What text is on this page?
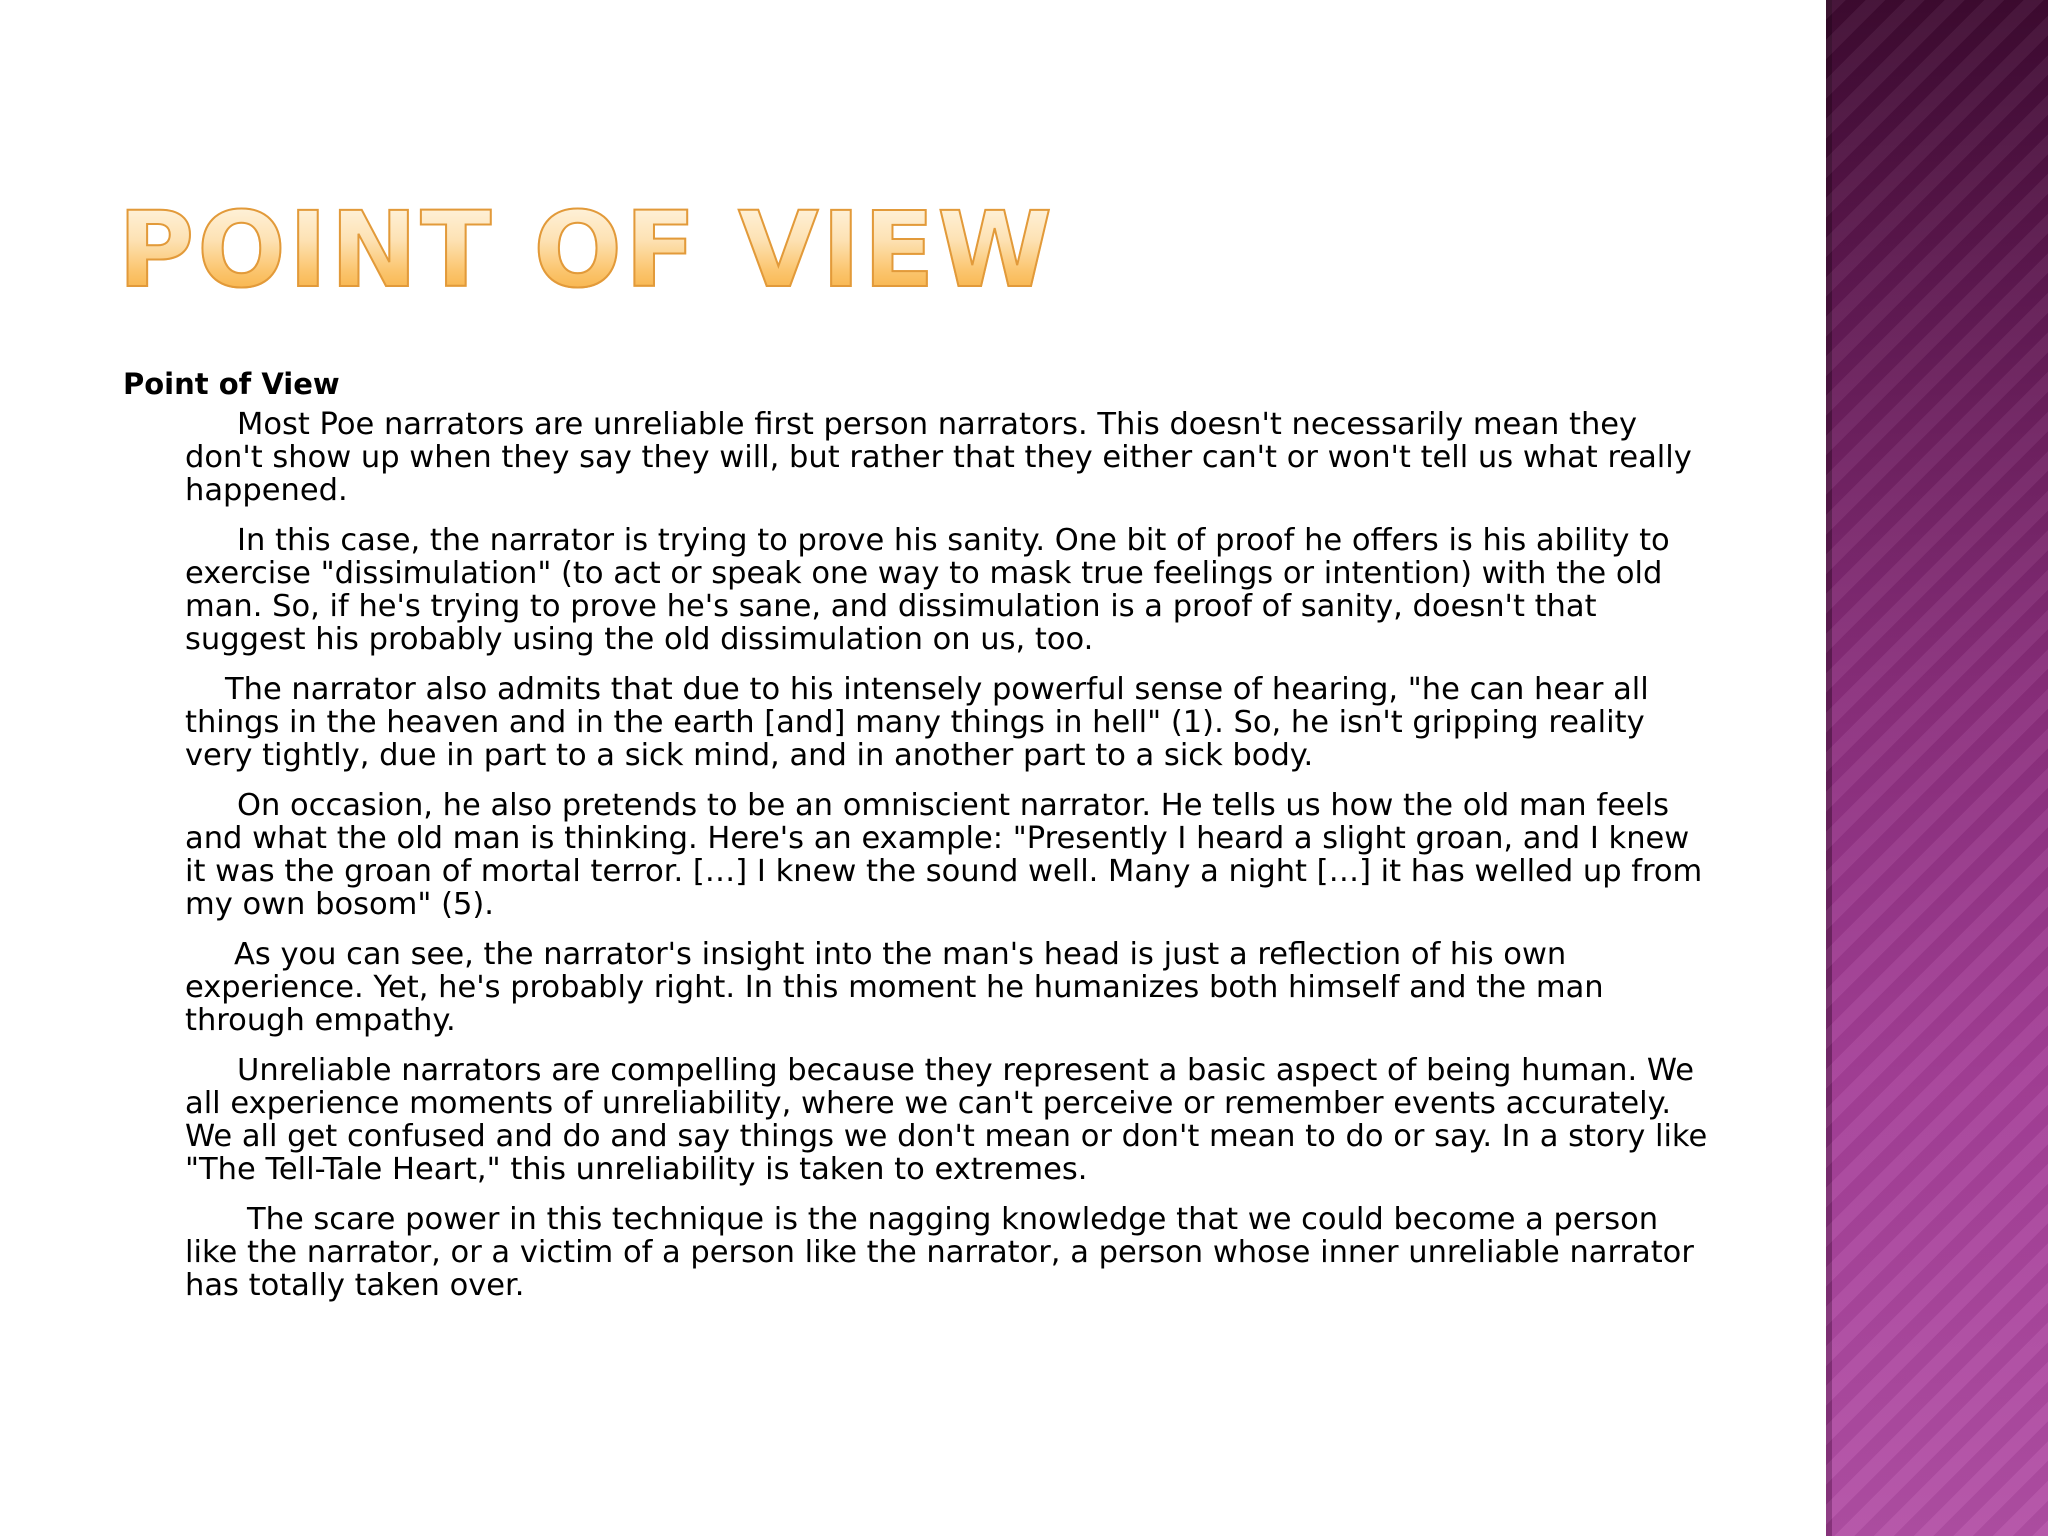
POINT OF VIEW
Point of View

Most Poe narrators are unreliable first person narrators. This doesn't necessarily mean they don't show up when they say they will, but rather that they either can't or won't tell us what really happened.

In this case, the narrator is trying to prove his sanity. One bit of proof he offers is his ability to exercise "dissimulation" (to act or speak one way to mask true feelings or intention) with the old man. So, if he's trying to prove he's sane, and dissimulation is a proof of sanity, doesn't that suggest his probably using the old dissimulation on us, too.

The narrator also admits that due to his intensely powerful sense of hearing, "he can hear all things in the heaven and in the earth [and] many things in hell" (1). So, he isn't gripping reality very tightly, due in part to a sick mind, and in another part to a sick body.

On occasion, he also pretends to be an omniscient narrator. He tells us how the old man feels and what the old man is thinking. Here's an example: "Presently I heard a slight groan, and I knew it was the groan of mortal terror. […] I knew the sound well. Many a night […] it has welled up from my own bosom" (5).

As you can see, the narrator's insight into the man's head is just a reflection of his own experience. Yet, he's probably right. In this moment he humanizes both himself and the man through empathy.

Unreliable narrators are compelling because they represent a basic aspect of being human. We all experience moments of unreliability, where we can't perceive or remember events accurately. We all get confused and do and say things we don't mean or don't mean to do or say. In a story like "The Tell-Tale Heart," this unreliability is taken to extremes.

The scare power in this technique is the nagging knowledge that we could become a person like the narrator, or a victim of a person like the narrator, a person whose inner unreliable narrator has totally taken over.
